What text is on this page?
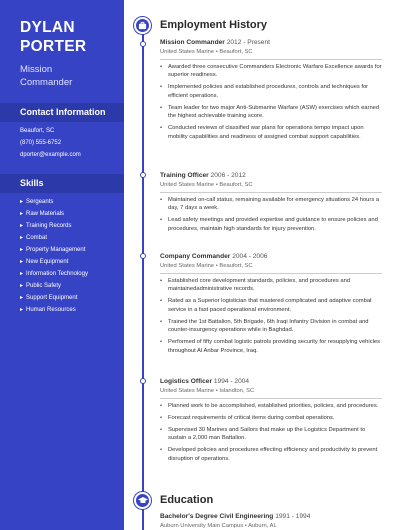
DYLAN
PORTER
Mission
Commander
Contact Information
Beaufort, SC
(870) 555-6752
dporter@example.com
Skills
▸ Sergeants
▸ Raw Materials
▸ Training Records
▸ Combat
▸ Property Management
▸ New Equipment
▸ Information Technology
▸ Public Safety
▸ Support Equipment
▸ Human Resources
Employment History
Mission Commander 2012 - Present
United States Marine • Beaufort, SC
• Awarded three consecutive Commanders Electronic Warfare Excellence awards for superior readiness.
• Implemented policies and established procedures, controls and techniques for efficient operations.
• Team leader for two major Anti-Submarine Warfare (ASW) exercises which earned the highest achievable training score.
• Conducted reviews of classified war plans for operations tempo impact upon mobility capabilities and readiness of assigned combat support capabilities.
Training Officer 2006 - 2012
United States Marine • Beaufort, SC
• Maintained on-call status, remaining available for emergency situations 24 hours a day, 7 days a week.
• Lead safety meetings and provided expertise and guidance to ensure policies and procedures, maintain high standards for injury prevention.
Company Commander 2004 - 2006
United States Marine • Beaufort, SC
• Established core development standards, policies, and procedures and maintainedadministrative records.
• Rated as a Superior logistician that mastered complicated and adaptive combat service in a fast paced operational environment.
• Trained the 1st Battalion, 5th Brigade, 6th Iraqi Infantry Division in combat and counter-insurgency operations while in Baghdad.
• Performed of fifty combat logistic patrols providing security for resupplying vehicles throughout Al Anbar Province, Iraq.
Logistics Officer 1994 - 2004
United States Marine • Islandton, SC
• Planned work to be accomplished, established priorities, policies, and procedures.
• Forecast requirements of critical items during combat operations.
• Supervised 30 Marines and Sailors that make up the Logistics Department to sustain a 2,000 man Battalion.
• Developed policies and procedures effecting efficiency and productivity to prevent disruption of operations.
Education
Bachelor's Degree Civil Engineering 1991 - 1994
Auburn University Main Campus • Auburn, AL
